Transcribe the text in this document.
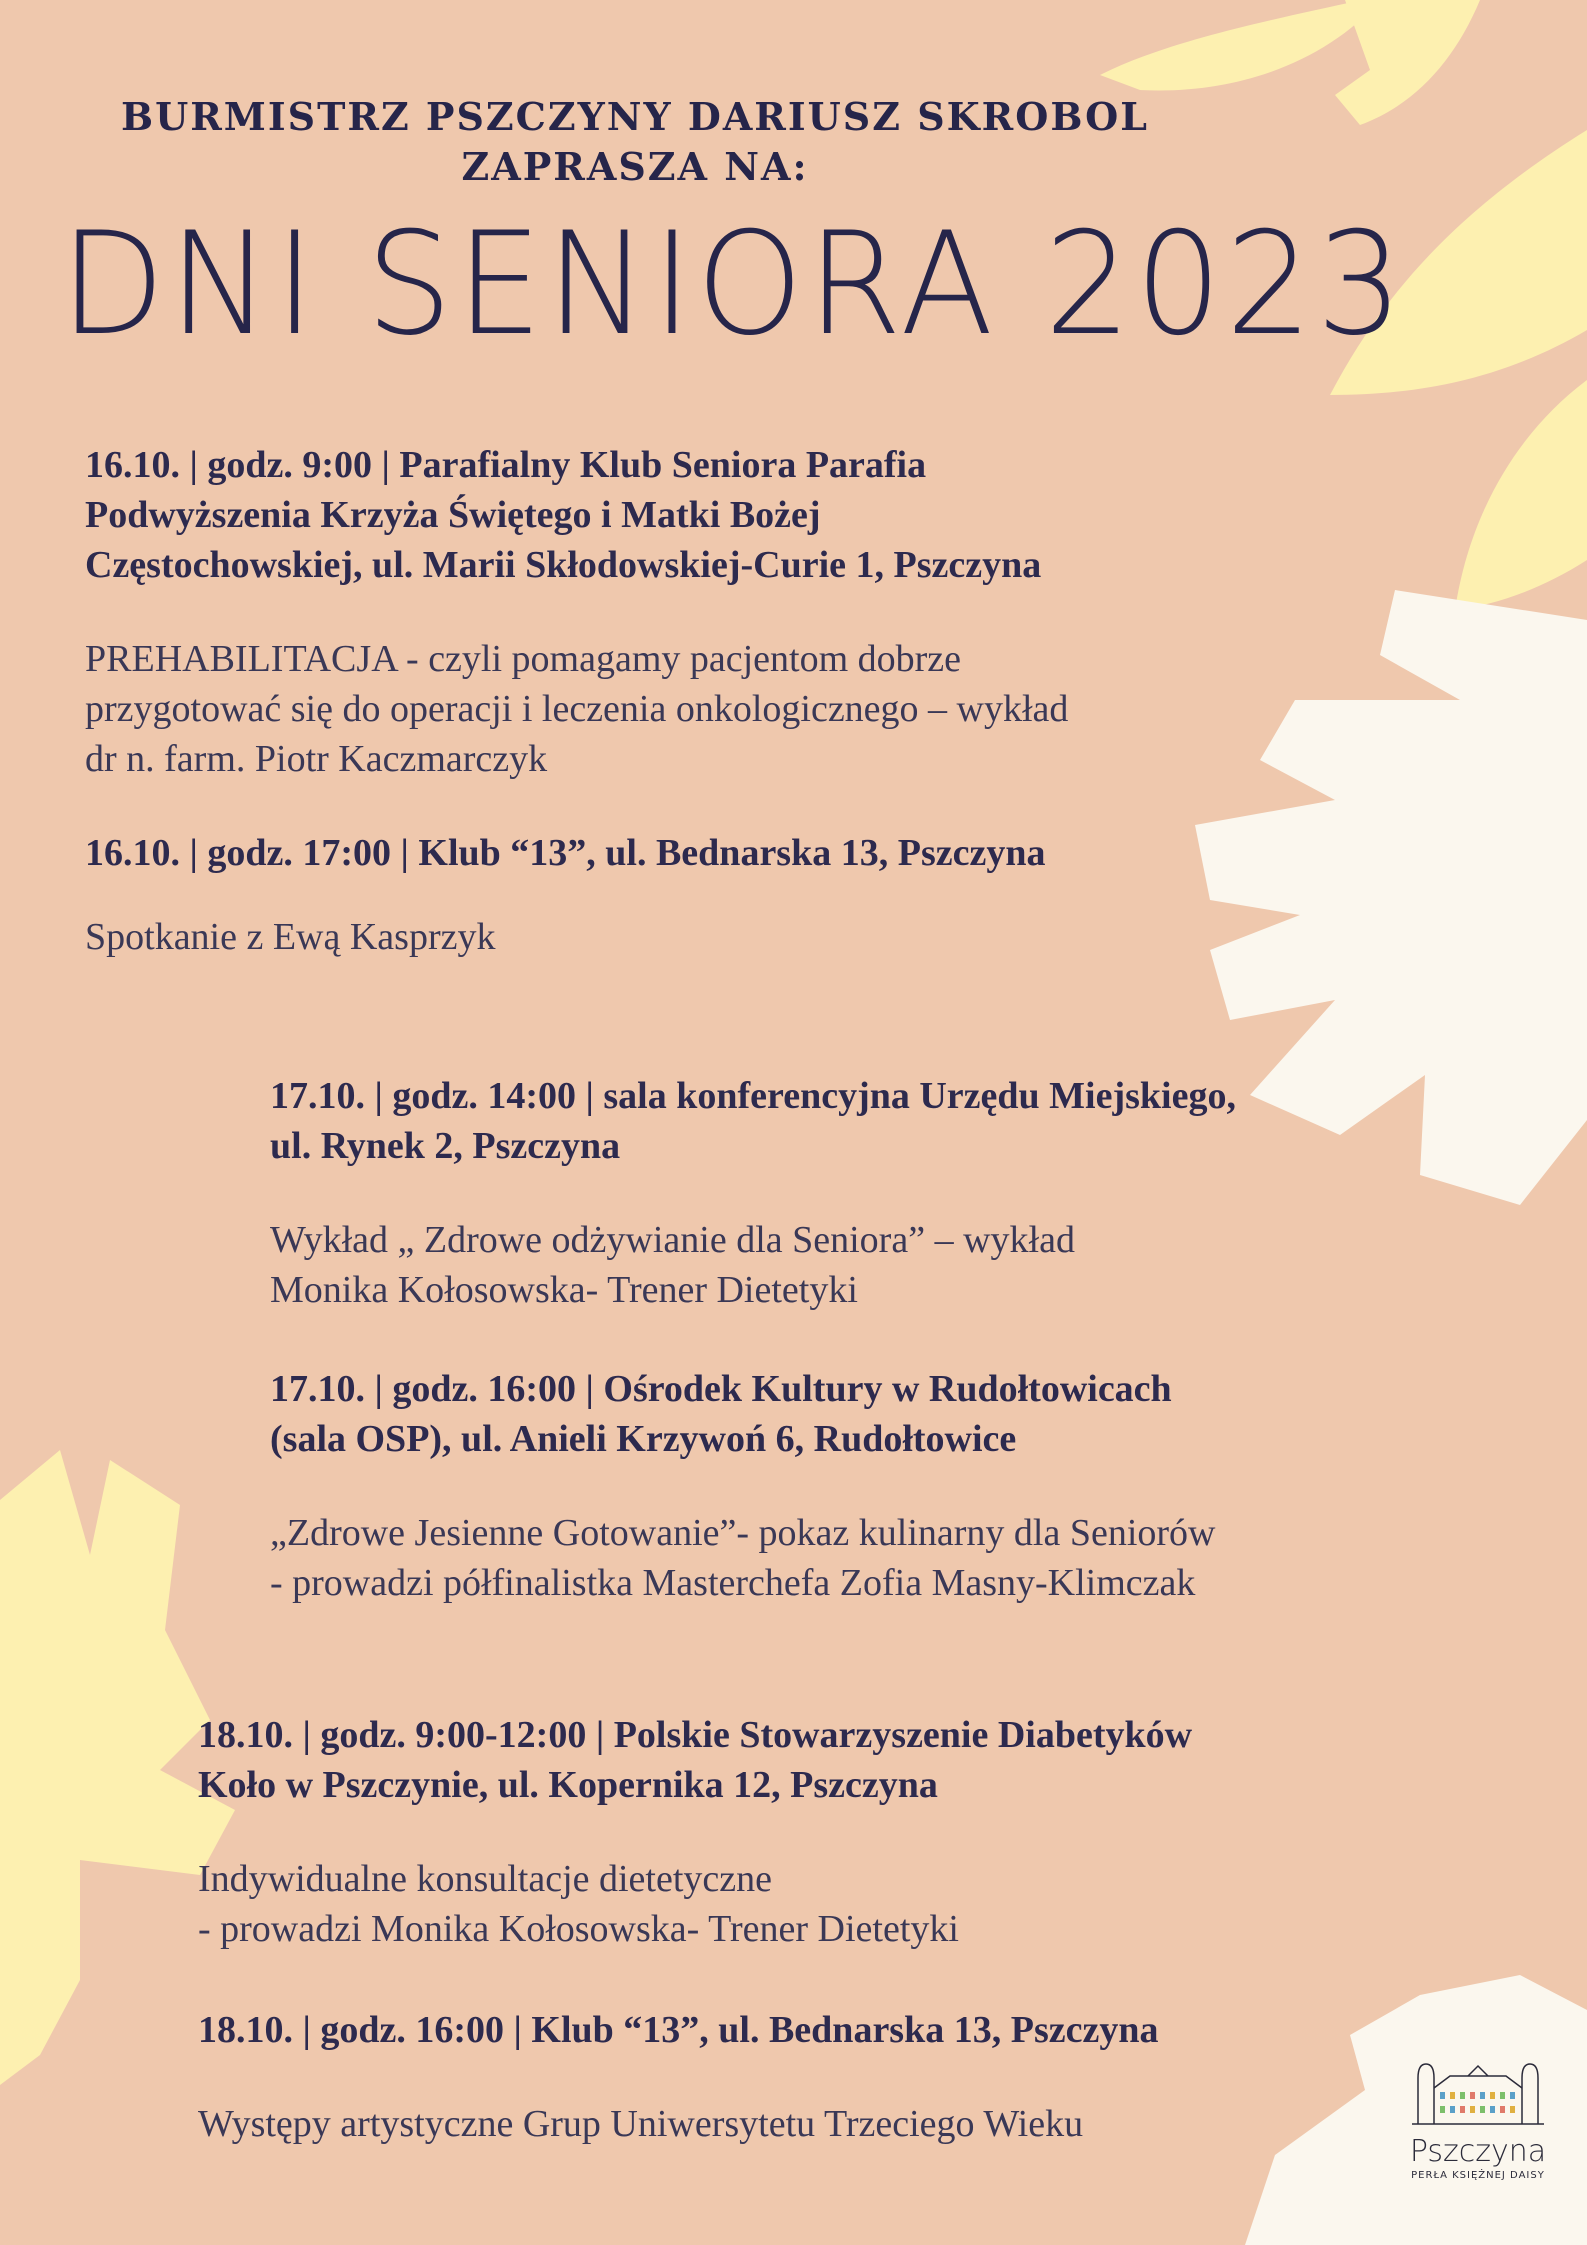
BURMISTRZ PSZCZYNY DARIUSZ SKROBOL
ZAPRASZA NA:
DNI SENIORA 2023
16.10. | godz. 9:00 | Parafialny Klub Seniora Parafia
Podwyższenia Krzyża Świętego i Matki Bożej
Częstochowskiej, ul. Marii Skłodowskiej-Curie 1, Pszczyna
PREHABILITACJA - czyli pomagamy pacjentom dobrze
przygotować się do operacji i leczenia onkologicznego – wykład
dr n. farm. Piotr Kaczmarczyk
16.10. | godz. 17:00 | Klub “13”, ul. Bednarska 13, Pszczyna
Spotkanie z Ewą Kasprzyk
17.10. | godz. 14:00 | sala konferencyjna Urzędu Miejskiego,
ul. Rynek 2, Pszczyna
Wykład „ Zdrowe odżywianie dla Seniora” – wykład
Monika Kołosowska- Trener Dietetyki
17.10. | godz. 16:00 | Ośrodek Kultury w Rudołtowicach
(sala OSP), ul. Anieli Krzywoń 6, Rudołtowice
„Zdrowe Jesienne Gotowanie”- pokaz kulinarny dla Seniorów
- prowadzi półfinalistka Masterchefa Zofia Masny-Klimczak
18.10. | godz. 9:00-12:00 | Polskie Stowarzyszenie Diabetyków
Koło w Pszczynie, ul. Kopernika 12, Pszczyna
Indywidualne konsultacje dietetyczne
- prowadzi Monika Kołosowska- Trener Dietetyki
18.10. | godz. 16:00 | Klub “13”, ul. Bednarska 13, Pszczyna
Występy artystyczne Grup Uniwersytetu Trzeciego Wieku
Pszczyna
PERŁA KSIĘŻNEJ DAISY
